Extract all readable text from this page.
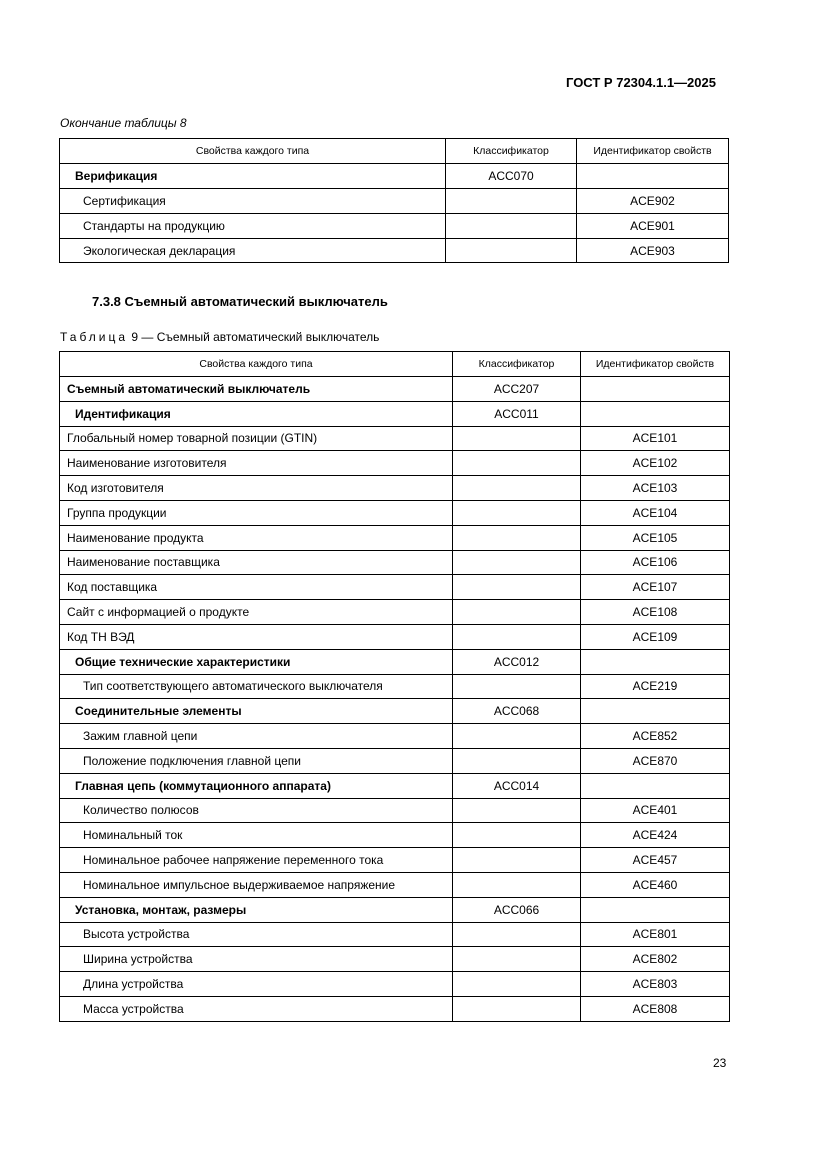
ГОСТ Р 72304.1.1—2025
Окончание таблицы 8
Свойства каждого типа	Классификатор	Идентификатор свойств
Верификация	ACC070	
Сертификация		ACE902
Стандарты на продукцию		ACE901
Экологическая декларация		ACE903
7.3.8 Съемный автоматический выключатель
Таблица 9 — Съемный автоматический выключатель
Свойства каждого типа	Классификатор	Идентификатор свойств
Съемный автоматический выключатель	ACC207	
Идентификация	ACC011	
Глобальный номер товарной позиции (GTIN)		ACE101
Наименование изготовителя		ACE102
Код изготовителя		ACE103
Группа продукции		ACE104
Наименование продукта		ACE105
Наименование поставщика		ACE106
Код поставщика		ACE107
Сайт с информацией о продукте		ACE108
Код ТН ВЭД		ACE109
Общие технические характеристики	ACC012	
Тип соответствующего автоматического выключателя		ACE219
Соединительные элементы	ACC068	
Зажим главной цепи		ACE852
Положение подключения главной цепи		ACE870
Главная цепь (коммутационного аппарата)	ACC014	
Количество полюсов		ACE401
Номинальный ток		ACE424
Номинальное рабочее напряжение переменного тока		ACE457
Номинальное импульсное выдерживаемое напряжение		ACE460
Установка, монтаж, размеры	ACC066	
Высота устройства		ACE801
Ширина устройства		ACE802
Длина устройства		ACE803
Масса устройства		ACE808
23
